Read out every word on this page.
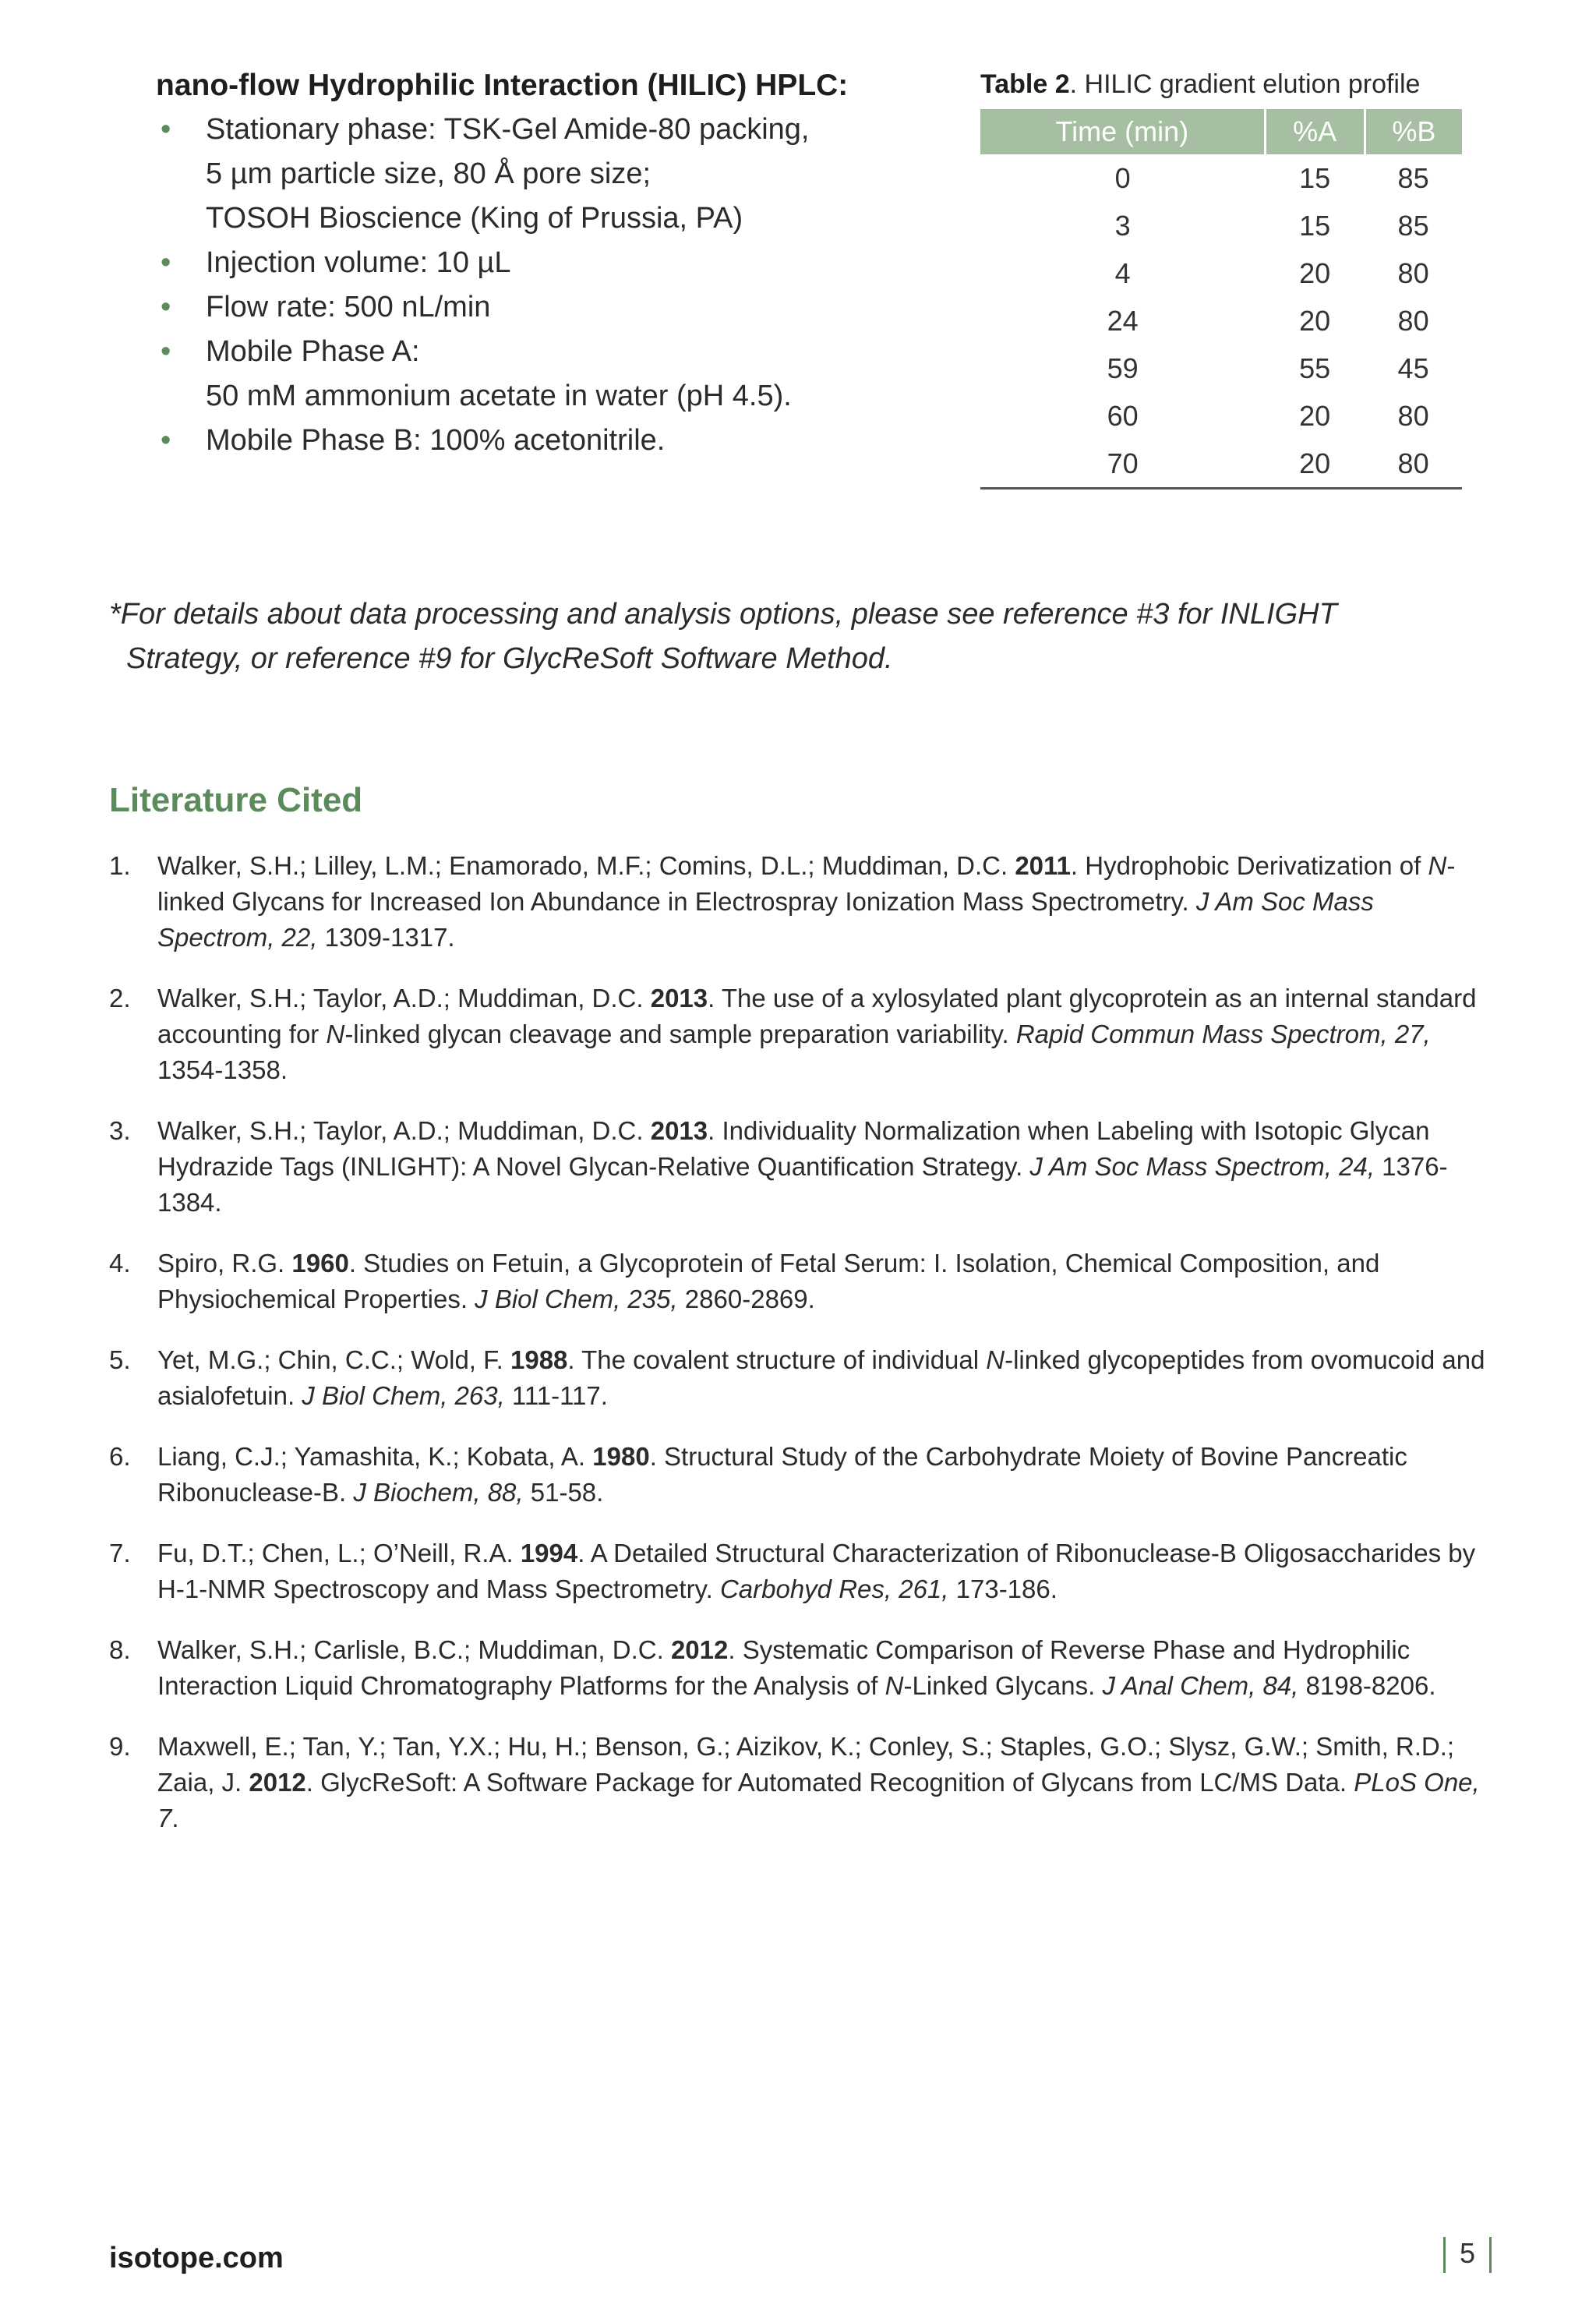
nano-flow Hydrophilic Interaction (HILIC) HPLC:

• Stationary phase: TSK-Gel Amide-80 packing,
5 µm particle size, 80 Å pore size;
TOSOH Bioscience (King of Prussia, PA)
• Injection volume: 10 µL
• Flow rate: 500 nL/min
• Mobile Phase A:
50 mM ammonium acetate in water (pH 4.5).
• Mobile Phase B: 100% acetonitrile.
Table 2. HILIC gradient elution profile
Time (min)	%A	%B
0	15	85
3	15	85
4	20	80
24	20	80
59	55	45
60	20	80
70	20	80
*For details about data processing and analysis options, please see reference #3 for INLIGHT
Strategy, or reference #9 for GlycReSoft Software Method.
Literature Cited
1. Walker, S.H.; Lilley, L.M.; Enamorado, M.F.; Comins, D.L.; Muddiman, D.C. 2011. Hydrophobic Derivatization of N-linked Glycans for Increased Ion Abundance in Electrospray Ionization Mass Spectrometry. J Am Soc Mass Spectrom, 22, 1309-1317.
2. Walker, S.H.; Taylor, A.D.; Muddiman, D.C. 2013. The use of a xylosylated plant glycoprotein as an internal standard accounting for N-linked glycan cleavage and sample preparation variability. Rapid Commun Mass Spectrom, 27, 1354-1358.
3. Walker, S.H.; Taylor, A.D.; Muddiman, D.C. 2013. Individuality Normalization when Labeling with Isotopic Glycan Hydrazide Tags (INLIGHT): A Novel Glycan-Relative Quantification Strategy. J Am Soc Mass Spectrom, 24, 1376-1384.
4. Spiro, R.G. 1960. Studies on Fetuin, a Glycoprotein of Fetal Serum: I. Isolation, Chemical Composition, and Physiochemical Properties. J Biol Chem, 235, 2860-2869.
5. Yet, M.G.; Chin, C.C.; Wold, F. 1988. The covalent structure of individual N-linked glycopeptides from ovomucoid and asialofetuin. J Biol Chem, 263, 111-117.
6. Liang, C.J.; Yamashita, K.; Kobata, A. 1980. Structural Study of the Carbohydrate Moiety of Bovine Pancreatic Ribonuclease-B. J Biochem, 88, 51-58.
7. Fu, D.T.; Chen, L.; O’Neill, R.A. 1994. A Detailed Structural Characterization of Ribonuclease-B Oligosaccharides by H-1-NMR Spectroscopy and Mass Spectrometry. Carbohyd Res, 261, 173-186.
8. Walker, S.H.; Carlisle, B.C.; Muddiman, D.C. 2012. Systematic Comparison of Reverse Phase and Hydrophilic Interaction Liquid Chromatography Platforms for the Analysis of N-Linked Glycans. J Anal Chem, 84, 8198-8206.
9. Maxwell, E.; Tan, Y.; Tan, Y.X.; Hu, H.; Benson, G.; Aizikov, K.; Conley, S.; Staples, G.O.; Slysz, G.W.; Smith, R.D.; Zaia, J. 2012. GlycReSoft: A Software Package for Automated Recognition of Glycans from LC/MS Data. PLoS One, 7.
isotope.com	5
